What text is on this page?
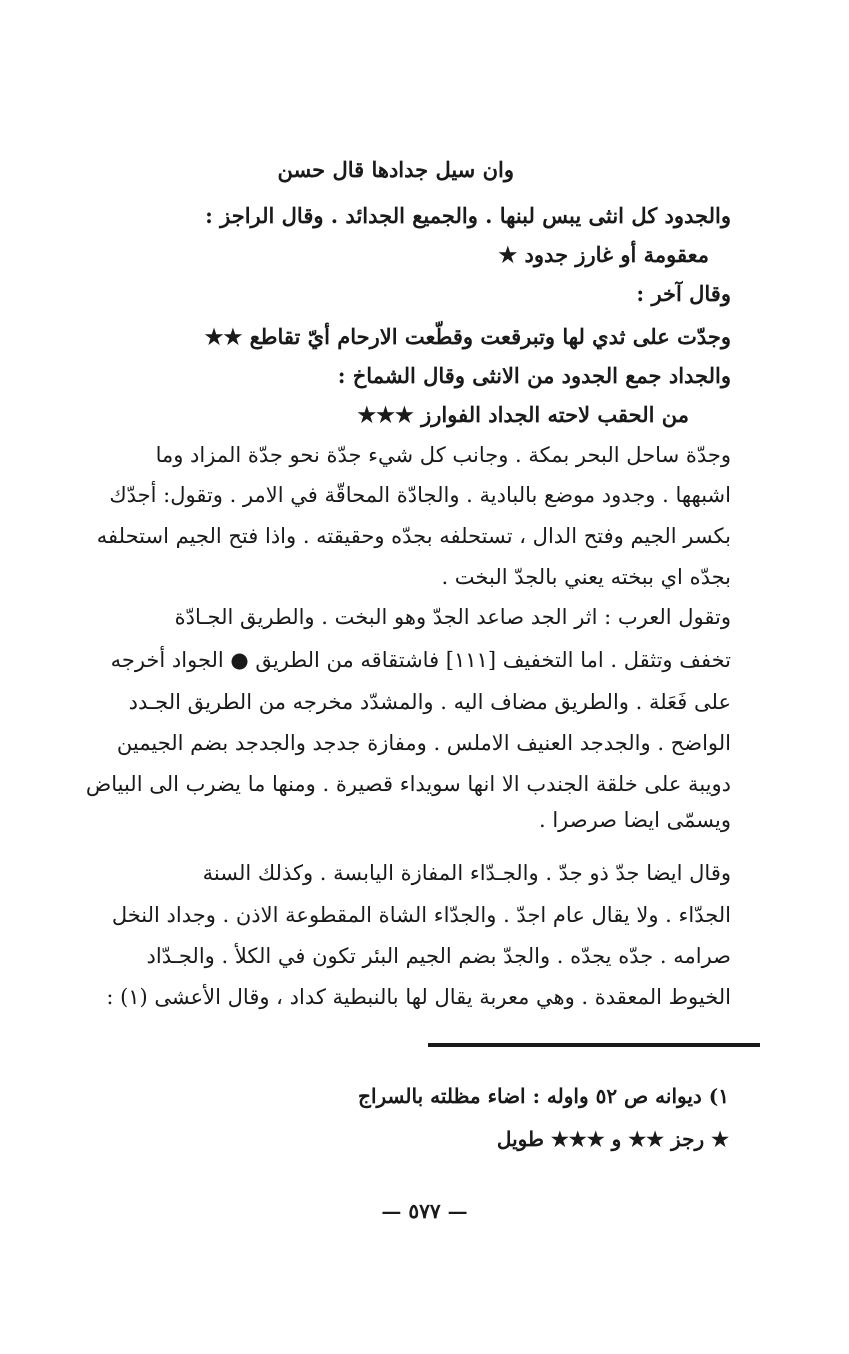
وان سيل جدادها قال حسن
والجدود كل انثى يبس لبنها . والجميع الجدائد . وقال الراجز :
معقومة أو غارز جدود ★
وقال آخر :
وجدّت على ثدي لها وتبرقعت وقطّعت الارحام أيّ تقاطع ★★
والجداد جمع الجدود من الانثى وقال الشماخ :
من الحقب لاحته الجداد الفوارز ★★★
وجدّة ساحل البحر بمكة . وجانب كل شيء جدّة نحو جدّة المزاد وما
اشبهها . وجدود موضع بالبادية . والجادّة المحاقّة في الامر . وتقول: أجدّك
بكسر الجيم وفتح الدال ، تستحلفه بجدّه وحقيقته . واذا فتح الجيم استحلفه
بجدّه اي ببخته يعني بالجدّ البخت .
وتقول العرب : اثر الجد صاعد الجدّ وهو البخت . والطريق الجـادّة
تخفف وتثقل . اما التخفيف [١١١] فاشتقاقه من الطريق ● الجواد أخرجه
على فَعَلة . والطريق مضاف اليه . والمشدّد مخرجه من الطريق الجـدد
الواضح . والجدجد العنيف الاملس . ومفازة جدجد والجدجد بضم الجيمين
دويبة على خلقة الجندب الا انها سويداء قصيرة . ومنها ما يضرب الى البياض
ويسمّى ايضا صرصرا .
وقال ايضا جدّ ذو جدّ . والجـدّاء المفازة اليابسة . وكذلك السنة
الجدّاء . ولا يقال عام اجدّ . والجدّاء الشاة المقطوعة الاذن . وجداد النخل
صرامه . جدّه يجدّه . والجدّ بضم الجيم البئر تكون في الكلأ . والجـدّاد
الخيوط المعقدة . وهي معربة يقال لها بالنبطية كداد ، وقال الأعشى (١) :
١) ديوانه ص ٥٢ واوله : اضاء مظلته بالسراج
★ رجز ★★ و ★★★ طويل
— ٥٧٧ —
